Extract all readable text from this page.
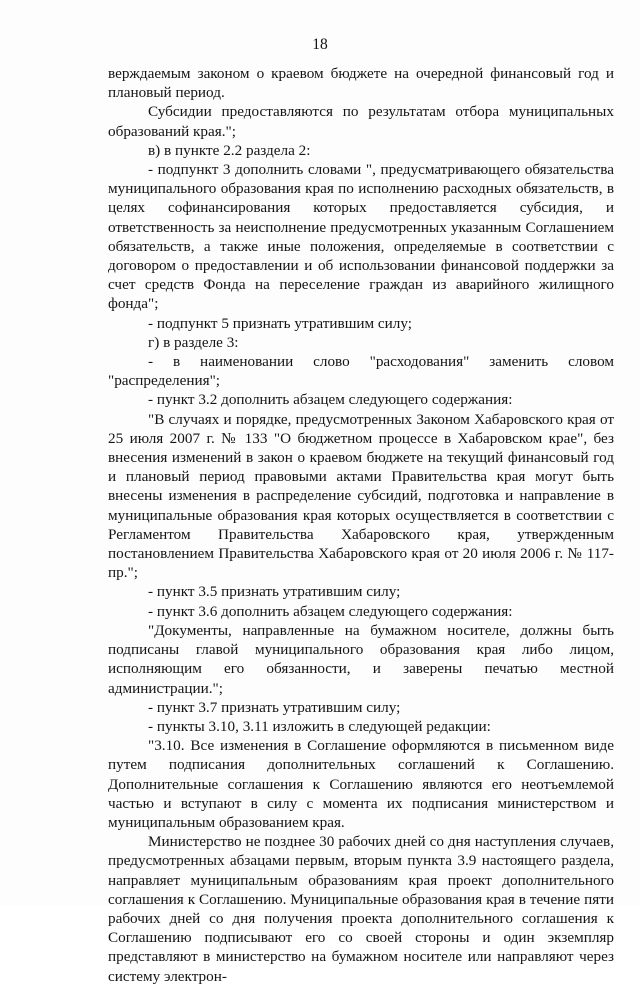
18

верждаемым законом о краевом бюджете на очередной финансовый год и плановый период.

Субсидии предоставляются по результатам отбора муниципальных образований края.";

в) в пункте 2.2 раздела 2:

- подпункт 3 дополнить словами ", предусматривающего обязательства муниципального образования края по исполнению расходных обязательств, в целях софинансирования которых предоставляется субсидия, и ответственность за неисполнение предусмотренных указанным Соглашением обязательств, а также иные положения, определяемые в соответствии с договором о предоставлении и об использовании финансовой поддержки за счет средств Фонда на переселение граждан из аварийного жилищного фонда";

- подпункт 5 признать утратившим силу;

г) в разделе 3:

- в наименовании слово "расходования" заменить словом "распределения";

- пункт 3.2 дополнить абзацем следующего содержания:

"В случаях и порядке, предусмотренных Законом Хабаровского края от 25 июля 2007 г. № 133 "О бюджетном процессе в Хабаровском крае", без внесения изменений в закон о краевом бюджете на текущий финансовый год и плановый период правовыми актами Правительства края могут быть внесены изменения в распределение субсидий, подготовка и направление в муниципальные образования края которых осуществляется в соответствии с Регламентом Правительства Хабаровского края, утвержденным постановлением Правительства Хабаровского края от 20 июля 2006 г. № 117-пр.";

- пункт 3.5 признать утратившим силу;

- пункт 3.6 дополнить абзацем следующего содержания:

"Документы, направленные на бумажном носителе, должны быть подписаны главой муниципального образования края либо лицом, исполняющим его обязанности, и заверены печатью местной администрации.";

- пункт 3.7 признать утратившим силу;

- пункты 3.10, 3.11 изложить в следующей редакции:

"3.10. Все изменения в Соглашение оформляются в письменном виде путем подписания дополнительных соглашений к Соглашению. Дополнительные соглашения к Соглашению являются его неотъемлемой частью и вступают в силу с момента их подписания министерством и муниципальным образованием края.

Министерство не позднее 30 рабочих дней со дня наступления случаев, предусмотренных абзацами первым, вторым пункта 3.9 настоящего раздела, направляет муниципальным образованиям края проект дополнительного соглашения к Соглашению. Муниципальные образования края в течение пяти рабочих дней со дня получения проекта дополнительного соглашения к Соглашению подписывают его со своей стороны и один экземпляр представляют в министерство на бумажном носителе или направляют через систему электрон-
